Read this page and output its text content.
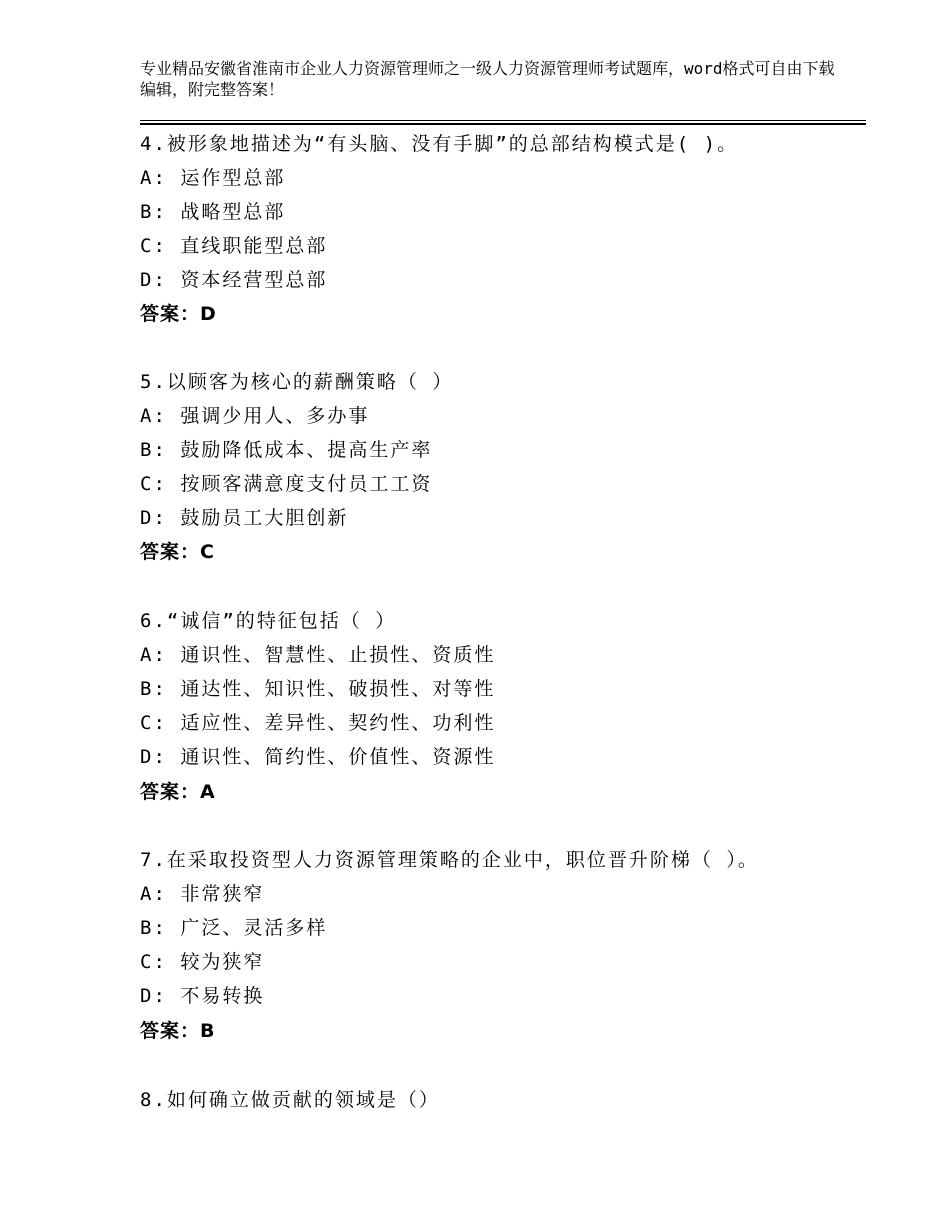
专业精品安徽省淮南市企业人力资源管理师之一级人力资源管理师考试题库，word格式可自由下载编辑，附完整答案！
4.被形象地描述为“有头脑、没有手脚”的总部结构模式是( )。
A: 运作型总部
B: 战略型总部
C: 直线职能型总部
D: 资本经营型总部
答案：D
5.以顾客为核心的薪酬策略（ ）
A: 强调少用人、多办事
B: 鼓励降低成本、提高生产率
C: 按顾客满意度支付员工工资
D: 鼓励员工大胆创新
答案：C
6.“诚信”的特征包括（ ）
A: 通识性、智慧性、止损性、资质性
B: 通达性、知识性、破损性、对等性
C: 适应性、差异性、契约性、功利性
D: 通识性、简约性、价值性、资源性
答案：A
7.在采取投资型人力资源管理策略的企业中，职位晋升阶梯（ ）。
A: 非常狭窄
B: 广泛、灵活多样
C: 较为狭窄
D: 不易转换
答案：B
8.如何确立做贡献的领域是（）
